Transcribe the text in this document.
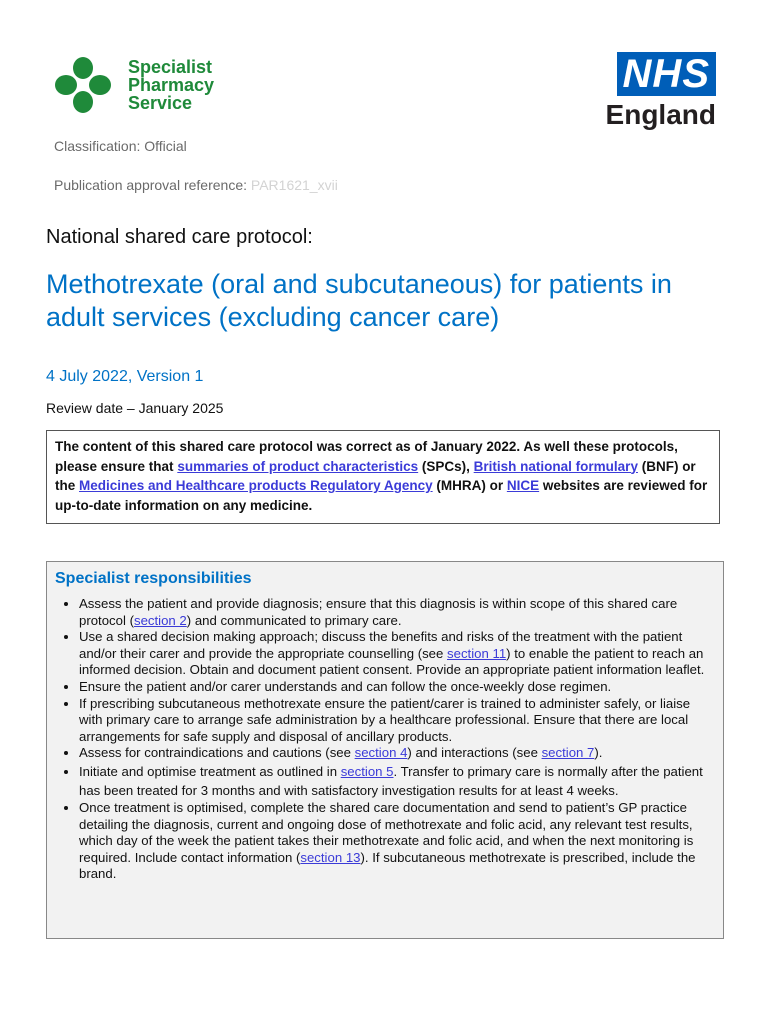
Specialist
Pharmacy
Service
NHS
England
Classification: Official
Publication approval reference: PAR1621_xvii
National shared care protocol:
Methotrexate (oral and subcutaneous) for patients in adult services (excluding cancer care)
4 July 2022, Version 1
Review date – January 2025
The content of this shared care protocol was correct as of January 2022. As well these protocols, please ensure that summaries of product characteristics (SPCs), British national formulary (BNF) or the Medicines and Healthcare products Regulatory Agency (MHRA) or NICE websites are reviewed for up-to-date information on any medicine.
Specialist responsibilities
• Assess the patient and provide diagnosis; ensure that this diagnosis is within scope of this shared care protocol (section 2) and communicated to primary care.
• Use a shared decision making approach; discuss the benefits and risks of the treatment with the patient and/or their carer and provide the appropriate counselling (see section 11) to enable the patient to reach an informed decision. Obtain and document patient consent. Provide an appropriate patient information leaflet.
• Ensure the patient and/or carer understands and can follow the once-weekly dose regimen.
• If prescribing subcutaneous methotrexate ensure the patient/carer is trained to administer safely, or liaise with primary care to arrange safe administration by a healthcare professional. Ensure that there are local arrangements for safe supply and disposal of ancillary products.
• Assess for contraindications and cautions (see section 4) and interactions (see section 7).
• Initiate and optimise treatment as outlined in section 5. Transfer to primary care is normally after the patient has been treated for 3 months and with satisfactory investigation results for at least 4 weeks.
• Once treatment is optimised, complete the shared care documentation and send to patient’s GP practice detailing the diagnosis, current and ongoing dose of methotrexate and folic acid, any relevant test results, which day of the week the patient takes their methotrexate and folic acid, and when the next monitoring is required. Include contact information (section 13). If subcutaneous methotrexate is prescribed, include the brand.
